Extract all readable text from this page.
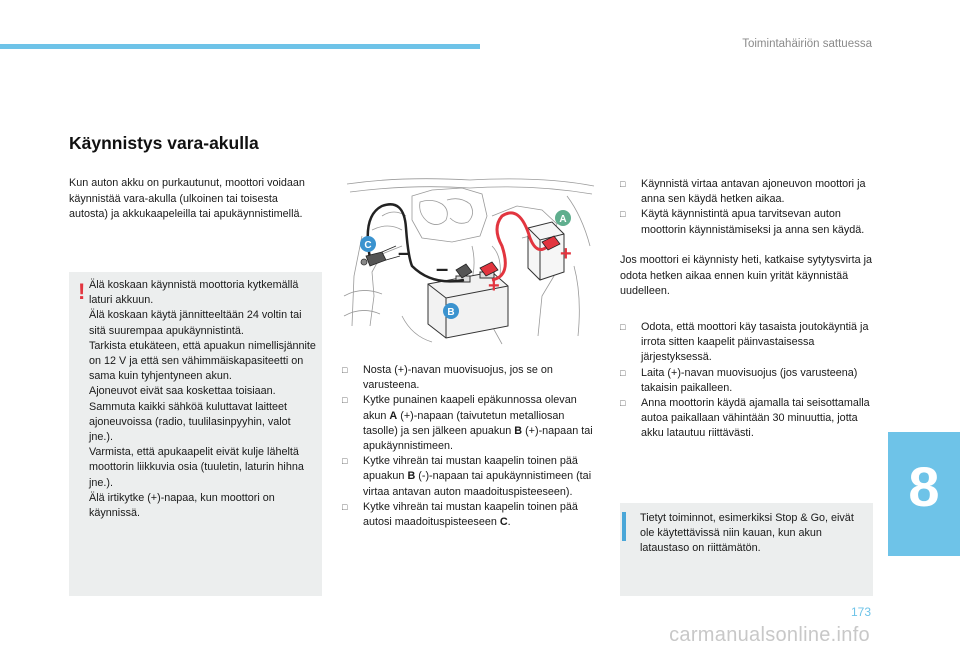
Toimintahäiriön sattuessa
Käynnistys vara-akulla

Kun auton akku on purkautunut, moottori voidaan käynnistää vara-akulla (ulkoinen tai toisesta autosta) ja akkukaapeleilla tai apukäynnistimellä.

! Älä koskaan käynnistä moottoria kytkemällä laturi akkuun.

Älä koskaan käytä jännitteeltään 24 voltin tai sitä suurempaa apukäynnistintä.

Tarkista etukäteen, että apuakun nimellisjännite on 12 V ja että sen vähimmäiskapasiteetti on sama kuin tyhjentyneen akun.

Ajoneuvot eivät saa koskettaa toisiaan.

Sammuta kaikki sähköä kuluttavat laitteet ajoneuvoissa (radio, tuulilasinpyyhin, valot jne.).

Varmista, että apukaapelit eivät kulje läheltä moottorin liikkuvia osia (tuuletin, laturin hihna jne.).

Älä irtikytke (+)-napaa, kun moottori on käynnissä.

–
–
+
+
A
B
C
□ Nosta (+)-navan muovisuojus, jos se on varusteena.
□ Kytke punainen kaapeli epäkunnossa olevan akun A (+)-napaan (taivutetun metalliosan tasolle) ja sen jälkeen apuakun B (+)-napaan tai apukäynnistimeen.
□ Kytke vihreän tai mustan kaapelin toinen pää apuakun B (-)-napaan tai apukäynnistimeen (tai virtaa antavan auton maadoituspisteeseen).
□ Kytke vihreän tai mustan kaapelin toinen pää autosi maadoituspisteeseen C.
□ Käynnistä virtaa antavan ajoneuvon moottori ja anna sen käydä hetken aikaa.
□ Käytä käynnistintä apua tarvitsevan auton moottorin käynnistämiseksi ja anna sen käydä.

Jos moottori ei käynnisty heti, katkaise sytytysvirta ja odota hetken aikaa ennen kuin yrität käynnistää uudelleen.

□ Odota, että moottori käy tasaista joutokäyntiä ja irrota sitten kaapelit päinvastaisessa järjestyksessä.
□ Laita (+)-navan muovisuojus (jos varusteena) takaisin paikalleen.
□ Anna moottorin käydä ajamalla tai seisottamalla autoa paikallaan vähintään 30 minuuttia, jotta akku latautuu riittävästi.

Tietyt toiminnot, esimerkiksi Stop & Go, eivät ole käytettävissä niin kauan, kun akun lataustaso on riittämätön.

8
173
carmanualsonline.info
